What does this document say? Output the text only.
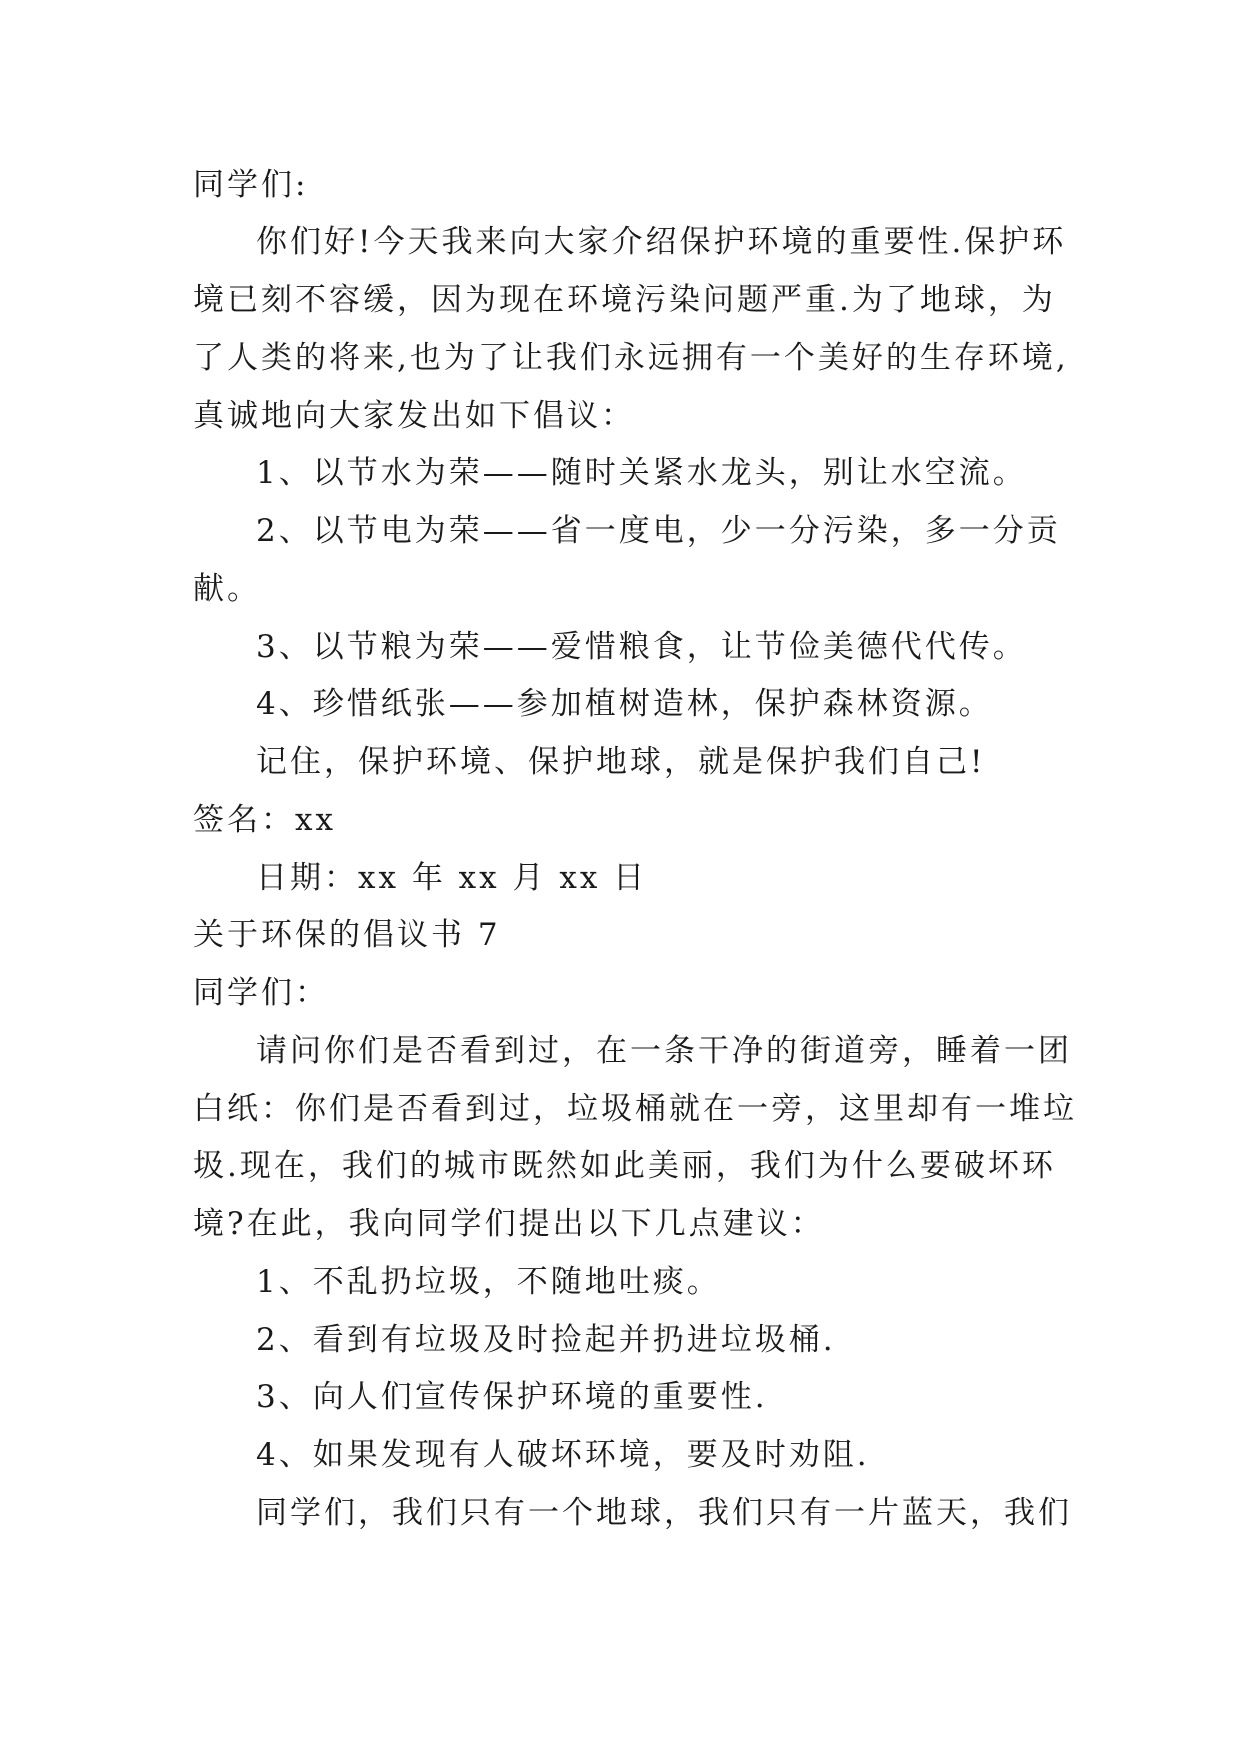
同学们:
你们好!今天我来向大家介绍保护环境的重要性.保护环
境已刻不容缓，因为现在环境污染问题严重.为了地球，为
了人类的将来,也为了让我们永远拥有一个美好的生存环境,
真诚地向大家发出如下倡议：
1、以节水为荣——随时关紧水龙头，别让水空流。
2、以节电为荣——省一度电，少一分污染，多一分贡
献。
3、以节粮为荣——爱惜粮食，让节俭美德代代传。
4、珍惜纸张——参加植树造林，保护森林资源。
记住，保护环境、保护地球，就是保护我们自己!
签名：xx
日期：xx 年 xx 月 xx 日
关于环保的倡议书 7
同学们：
请问你们是否看到过，在一条干净的街道旁，睡着一团
白纸：你们是否看到过，垃圾桶就在一旁，这里却有一堆垃
圾.现在，我们的城市既然如此美丽，我们为什么要破坏环
境?在此，我向同学们提出以下几点建议：
1、不乱扔垃圾，不随地吐痰。
2、看到有垃圾及时捡起并扔进垃圾桶.
3、向人们宣传保护环境的重要性.
4、如果发现有人破坏环境，要及时劝阻.
同学们，我们只有一个地球，我们只有一片蓝天，我们
